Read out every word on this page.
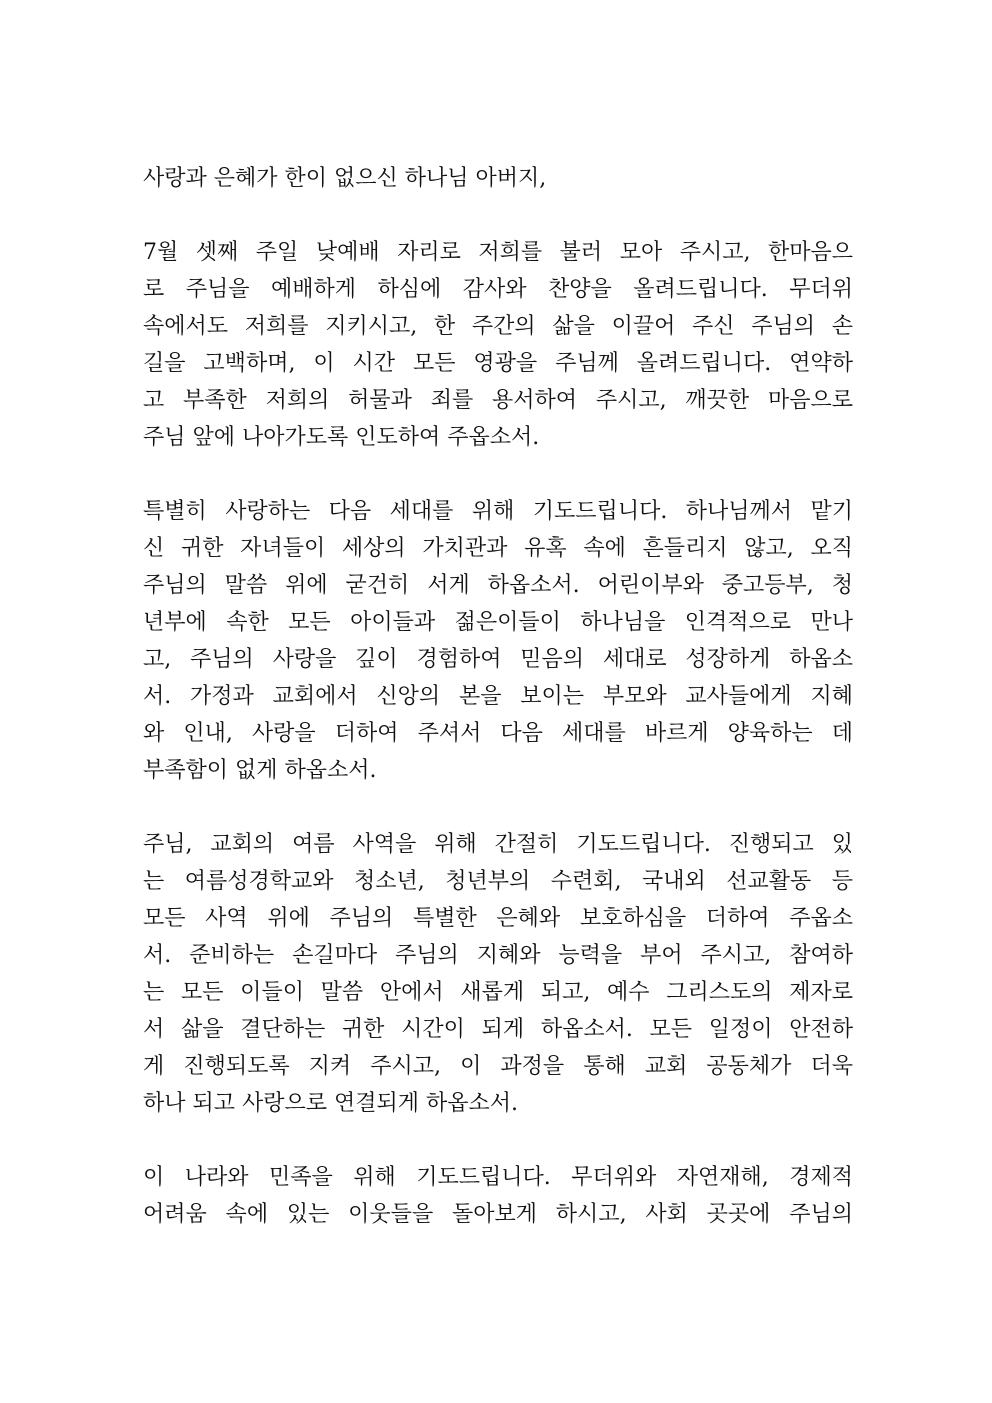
사랑과 은혜가 한이 없으신 하나님 아버지,
7월 셋째 주일 낮예배 자리로 저희를 불러 모아 주시고, 한마음으
로 주님을 예배하게 하심에 감사와 찬양을 올려드립니다. 무더위
속에서도 저희를 지키시고, 한 주간의 삶을 이끌어 주신 주님의 손
길을 고백하며, 이 시간 모든 영광을 주님께 올려드립니다. 연약하
고 부족한 저희의 허물과 죄를 용서하여 주시고, 깨끗한 마음으로
주님 앞에 나아가도록 인도하여 주옵소서.
특별히 사랑하는 다음 세대를 위해 기도드립니다. 하나님께서 맡기
신 귀한 자녀들이 세상의 가치관과 유혹 속에 흔들리지 않고, 오직
주님의 말씀 위에 굳건히 서게 하옵소서. 어린이부와 중고등부, 청
년부에 속한 모든 아이들과 젊은이들이 하나님을 인격적으로 만나
고, 주님의 사랑을 깊이 경험하여 믿음의 세대로 성장하게 하옵소
서. 가정과 교회에서 신앙의 본을 보이는 부모와 교사들에게 지혜
와 인내, 사랑을 더하여 주셔서 다음 세대를 바르게 양육하는 데
부족함이 없게 하옵소서.
주님, 교회의 여름 사역을 위해 간절히 기도드립니다. 진행되고 있
는 여름성경학교와 청소년, 청년부의 수련회, 국내외 선교활동 등
모든 사역 위에 주님의 특별한 은혜와 보호하심을 더하여 주옵소
서. 준비하는 손길마다 주님의 지혜와 능력을 부어 주시고, 참여하
는 모든 이들이 말씀 안에서 새롭게 되고, 예수 그리스도의 제자로
서 삶을 결단하는 귀한 시간이 되게 하옵소서. 모든 일정이 안전하
게 진행되도록 지켜 주시고, 이 과정을 통해 교회 공동체가 더욱
하나 되고 사랑으로 연결되게 하옵소서.
이 나라와 민족을 위해 기도드립니다. 무더위와 자연재해, 경제적
어려움 속에 있는 이웃들을 돌아보게 하시고, 사회 곳곳에 주님의
